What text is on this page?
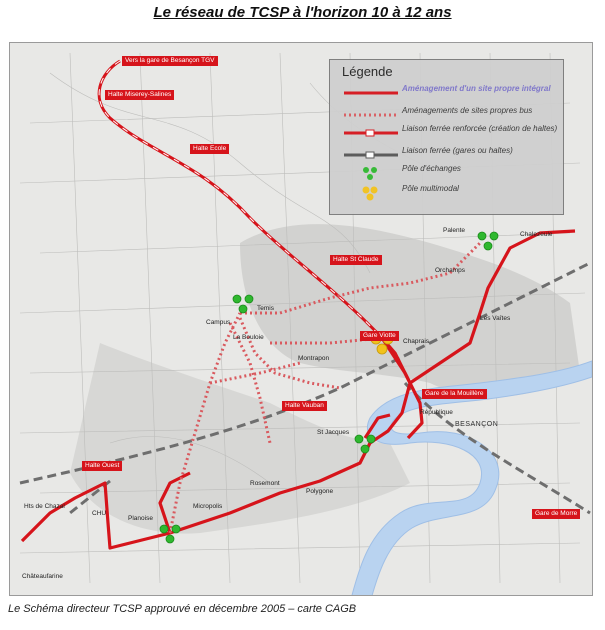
Le réseau de TCSP à l'horizon 10 à 12 ans
Légende
Aménagement d'un site propre intégral
Aménagements de sites propres bus
Liaison ferrée renforcée (création de haltes)
Liaison ferrée (gares ou haltes)
Pôle d'échanges
Pôle multimodal
Vers la gare de Besançon TGV
Halte Miserey-Salines
Halte Ecole
Halte St Claude
Halte Vauban
Halte Ouest
Gare Viotte
Gare de la Mouillère
Gare de Morre
Palente
Chalezeule
Orchamps
Les Vaîtes
Temis
Campus
La Bouloie
Montrapon
Chaprais
République
BESANÇON
St Jacques
Rosemont
Polygone
Micropolis
Planoise
Hts de Chazal
CHU
Châteaufarine
Le Schéma directeur TCSP approuvé en décembre 2005 – carte CAGB
